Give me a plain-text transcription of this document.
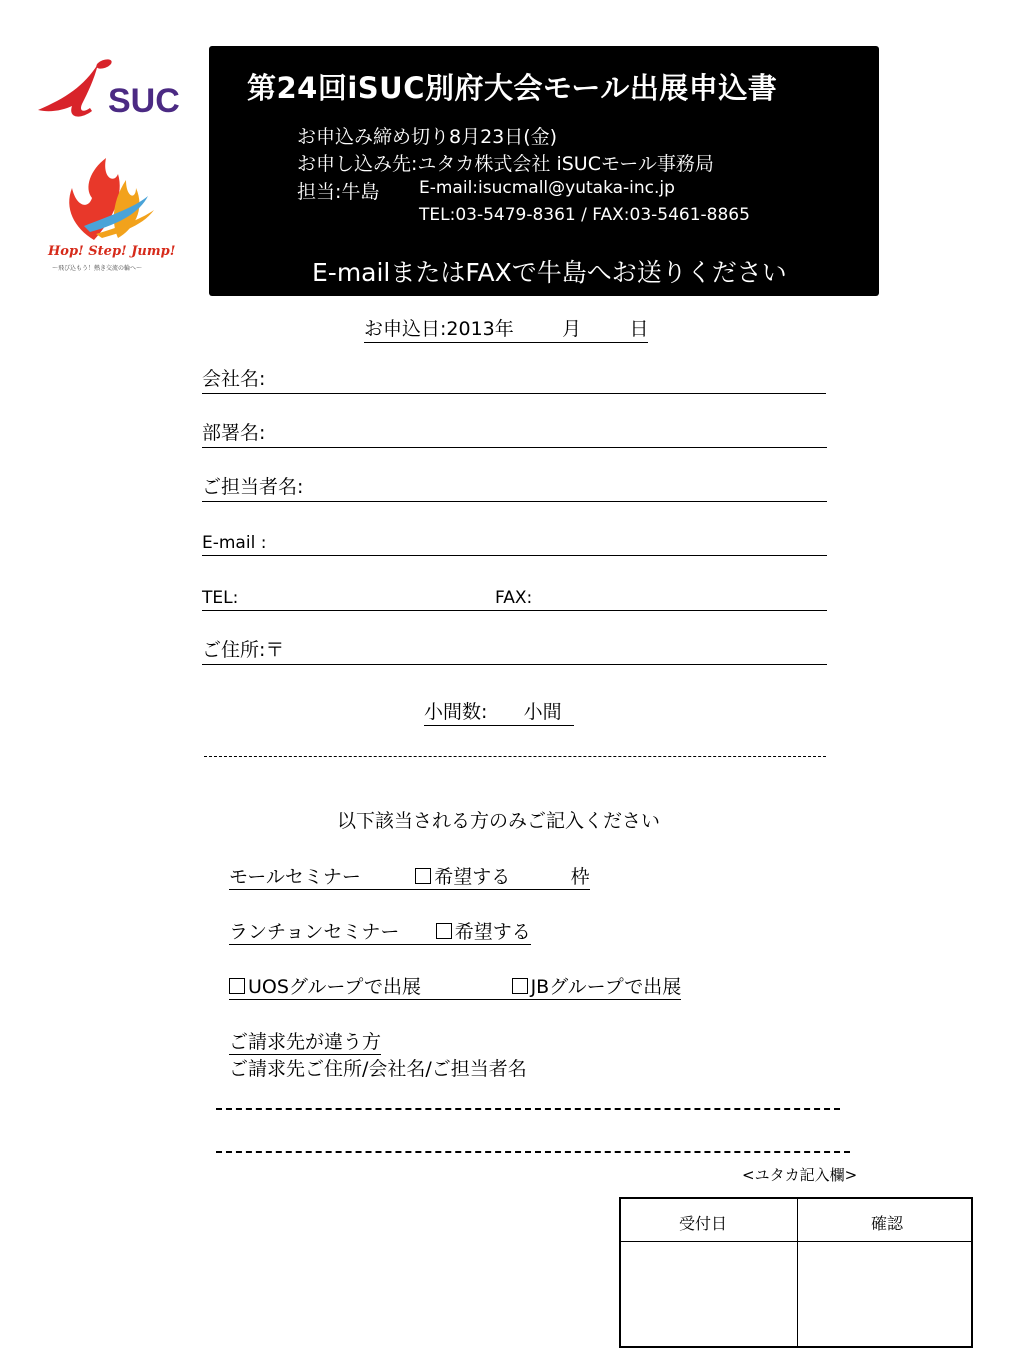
SUC
Hop! Step! Jump!
～飛び込もう！熱き交流の輪へ～
第24回iSUC別府大会モール出展申込書
お申込み締め切り8月23日(金)
お申し込み先:ユタカ株式会社 iSUCモール事務局
担当:牛島 E-mail:isucmall@yutaka-inc.jp
TEL:03-5479-8361 / FAX:03-5461-8865
E-mailまたはFAXで牛島へお送りください
お申込日:2013年	月	日
会社名:
部署名:
ご担当者名:
E-mail :
TEL:	FAX:
ご住所:〒
小間数: 小間
以下該当される方のみご記入ください
モールセミナー	希望する	枠
ランチョンセミナー	希望する
UOSグループで出展	JBグループで出展
ご請求先が違う方
ご請求先ご住所/会社名/ご担当者名
<ユタカ記入欄>
受付日	確認
